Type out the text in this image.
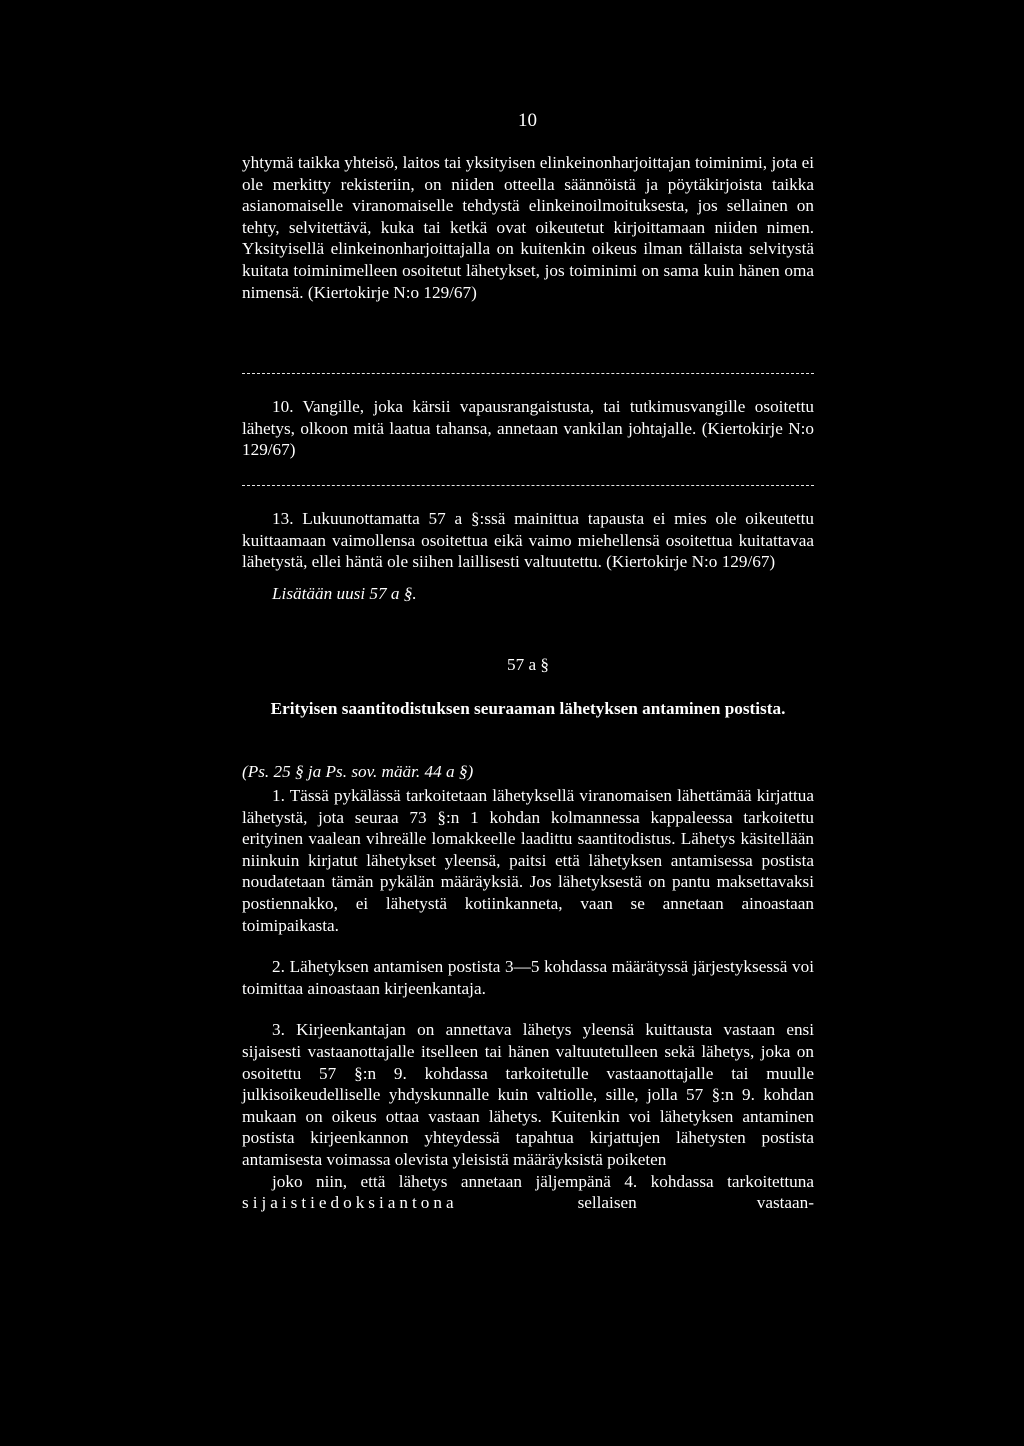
10

yhtymä taikka yhteisö, laitos tai yksityisen elinkeinonharjoittajan toiminimi, jota ei ole merkitty rekisteriin, on niiden otteella säännöistä ja pöytäkirjoista taikka asianomaiselle viranomaiselle tehdystä elinkeinoilmoituksesta, jos sellainen on tehty, selvitettävä, kuka tai ketkä ovat oikeutetut kirjoittamaan niiden nimen. Yksityisellä elinkeinonharjoittajalla on kuitenkin oikeus ilman tällaista selvitystä kuitata toiminimelleen osoitetut lähetykset, jos toiminimi on sama kuin hänen oma nimensä. (Kiertokirje N:o 129/67)

10. Vangille, joka kärsii vapausrangaistusta, tai tutkimusvangille osoitettu lähetys, olkoon mitä laatua tahansa, annetaan vankilan johtajalle. (Kiertokirje N:o 129/67)

13. Lukuunottamatta 57 a §:ssä mainittua tapausta ei mies ole oikeutettu kuittaamaan vaimollensa osoitettua eikä vaimo miehellensä osoitettua kuitattavaa lähetystä, ellei häntä ole siihen laillisesti valtuutettu. (Kiertokirje N:o 129/67)

Lisätään uusi 57 a §.

57 a §
Erityisen saantitodistuksen seuraaman lähetyksen antaminen postista.
(Ps. 25 § ja Ps. sov. määr. 44 a §)

1. Tässä pykälässä tarkoitetaan lähetyksellä viranomaisen lähettämää kirjattua lähetystä, jota seuraa 73 §:n 1 kohdan kolmannessa kappaleessa tarkoitettu erityinen vaalean vihreälle lomakkeelle laadittu saantitodistus. Lähetys käsitellään niinkuin kirjatut lähetykset yleensä, paitsi että lähetyksen antamisessa postista noudatetaan tämän pykälän määräyksiä. Jos lähetyksestä on pantu maksettavaksi postiennakko, ei lähetystä kotiinkanneta, vaan se annetaan ainoastaan toimipaikasta.

2. Lähetyksen antamisen postista 3—5 kohdassa määrätyssä järjestyksessä voi toimittaa ainoastaan kirjeenkantaja.

3. Kirjeenkantajan on annettava lähetys yleensä kuittausta vastaan ensi sijaisesti vastaanottajalle itselleen tai hänen valtuutetulleen sekä lähetys, joka on osoitettu 57 §:n 9. kohdassa tarkoitetulle vastaanottajalle tai muulle julkisoikeudelliselle yhdyskunnalle kuin valtiolle, sille, jolla 57 §:n 9. kohdan mukaan on oikeus ottaa vastaan lähetys. Kuitenkin voi lähetyksen antaminen postista kirjeenkannon yhteydessä tapahtua kirjattujen lähetysten postista antamisesta voimassa olevista yleisistä määräyksistä poiketen

joko niin, että lähetys annetaan jäljempänä 4. kohdassa tarkoitettuna sijaistiedoksiantona	sellaisen vastaan-
